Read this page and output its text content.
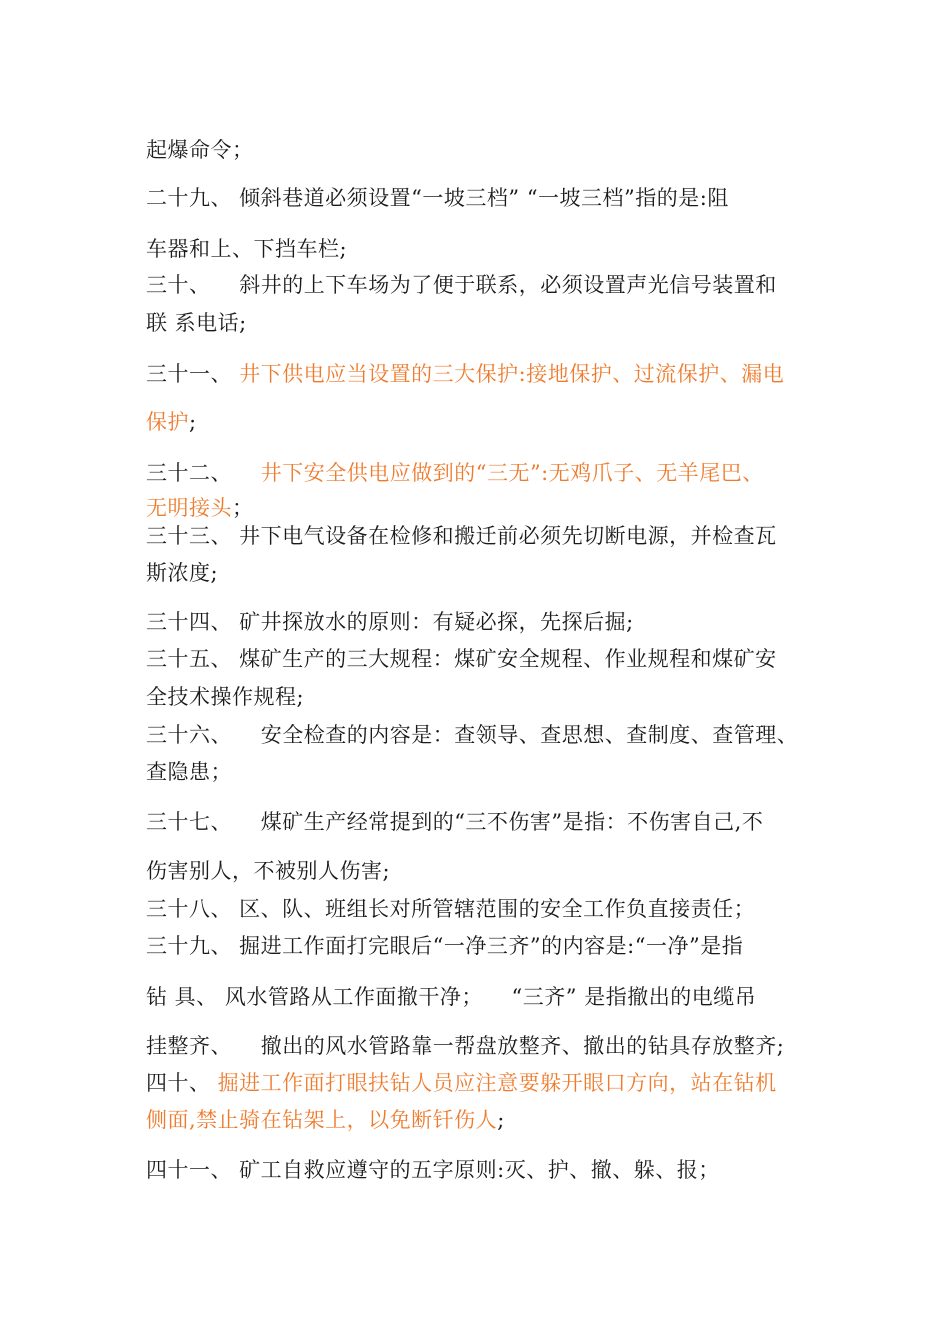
起爆命令；
二十九、 倾斜巷道必须设置“一坡三档” “一坡三档”指的是:阻
车器和上、下挡车栏;
三十、    斜井的上下车场为了便于联系，必须设置声光信号装置和
联 系电话;
三十一、 井下供电应当设置的三大保护:接地保护、过流保护、漏电
保护;
三十二、    井下安全供电应做到的“三无”:无鸡爪子、无羊尾巴、
无明接头；
三十三、 井下电气设备在检修和搬迁前必须先切断电源，并检查瓦
斯浓度;
三十四、 矿井探放水的原则：有疑必探，先探后掘;
三十五、 煤矿生产的三大规程：煤矿安全规程、作业规程和煤矿安
全技术操作规程;
三十六、    安全检查的内容是：查领导、查思想、查制度、查管理、
查隐患；
三十七、    煤矿生产经常提到的“三不伤害”是指：不伤害自己,不
伤害别人，不被别人伤害;
三十八、 区、队、班组长对所管辖范围的安全工作负直接责任；
三十九、 掘进工作面打完眼后“一净三齐”的内容是:“一净”是指
钻 具、 风水管路从工作面撤干净；    “三齐” 是指撤出的电缆吊
挂整齐、    撤出的风水管路靠一帮盘放整齐、撤出的钻具存放整齐;
四十、 掘进工作面打眼扶钻人员应注意要躲开眼口方向，站在钻机
侧面,禁止骑在钻架上，以免断钎伤人;
四十一、 矿工自救应遵守的五字原则:灭、护、撤、躲、报；
